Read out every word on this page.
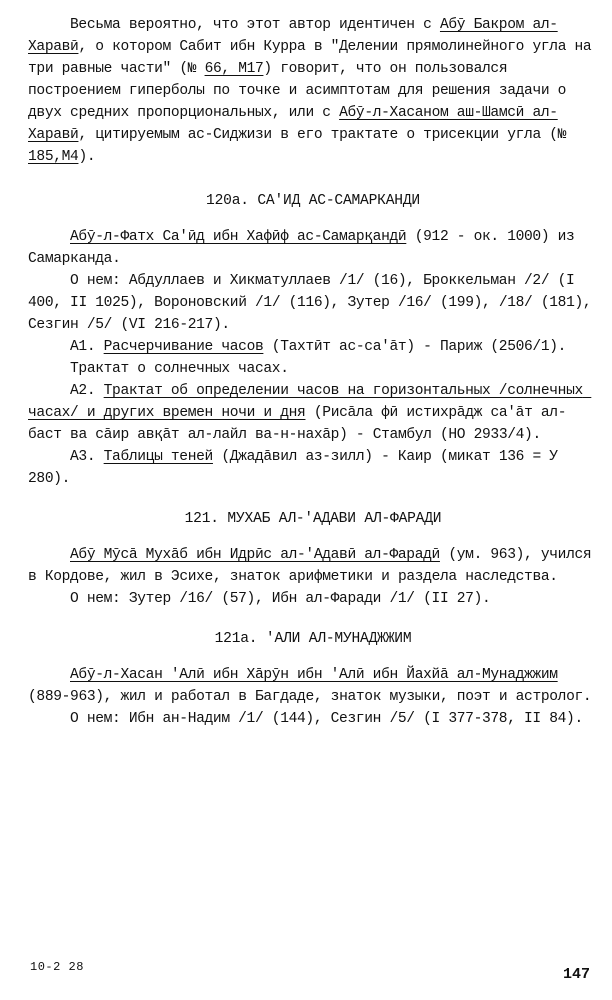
Весьма вероятно, что этот автор идентичен с Абӯ Бакром ал-Харавӣ, о котором Сабит ибн Курра в "Делении прямолинейного угла на три равные части" (№ 66, M17) говорит, что он пользовался построением гиперболы по точке и асимптотам для решения задачи о двух средних пропорциональных, или с Абӯ-л-Хасаном аш-Шамсӣ ал-Харавӣ, цитируемым ас-Сиджизи в его трактате о трисекции угла (№ 185,M4).

120а. СА'ИД АС-САМАРКАНДИ

Абӯ-л-Фатх Са'ӣд ибн Хафӣф ас-Самарқандӣ (912 - ок. 1000) из Самарканда.

О нем: Абдуллаев и Хикматуллаев /1/ (16), Броккельман /2/ (I 400, II 1025), Вороновский /1/ (116), Зутер /16/ (199), /18/ (181), Сезгин /5/ (VI 216-217).

А1. Расчерчивание часов (Тахтӣт ас-са'āт) - Париж (2506/1).

Трактат о солнечных часах.

А2. Трактат об определении часов на горизонтальных /солнечных часах/ и других времен ночи и дня (Рисāла фӣ истихрāдж са'āт ал-баст ва сāир авқāт ал-лайл ва-н-нахāр) - Стамбул (НО 2933/4).

А3. Таблицы теней (Джадāвил аз-зилл) - Каир (микат 136 = У 280).

121. МУХАБ АЛ-'АДАВИ АЛ-ФАРАДИ

Абӯ Мӯсā Мухāб ибн Идрӣс ал-'Адавӣ ал-Фарадӣ (ум. 963), учился в Кордове, жил в Эсихе, знаток арифметики и раздела наследства.

О нем: Зутер /16/ (57), Ибн ал-Фаради /1/ (II 27).

121а. 'АЛИ АЛ-МУНАДЖЖИМ

Абӯ-л-Хасан 'Алӣ ибн Хāрӯн ибн 'Алӣ ибн Йахйā ал-Мунаджжим (889-963), жил и работал в Багдаде, знаток музыки, поэт и астролог.

О нем: Ибн ан-Надим /1/ (144), Сезгин /5/ (I 377-378, II 84).

10-2 28	147
